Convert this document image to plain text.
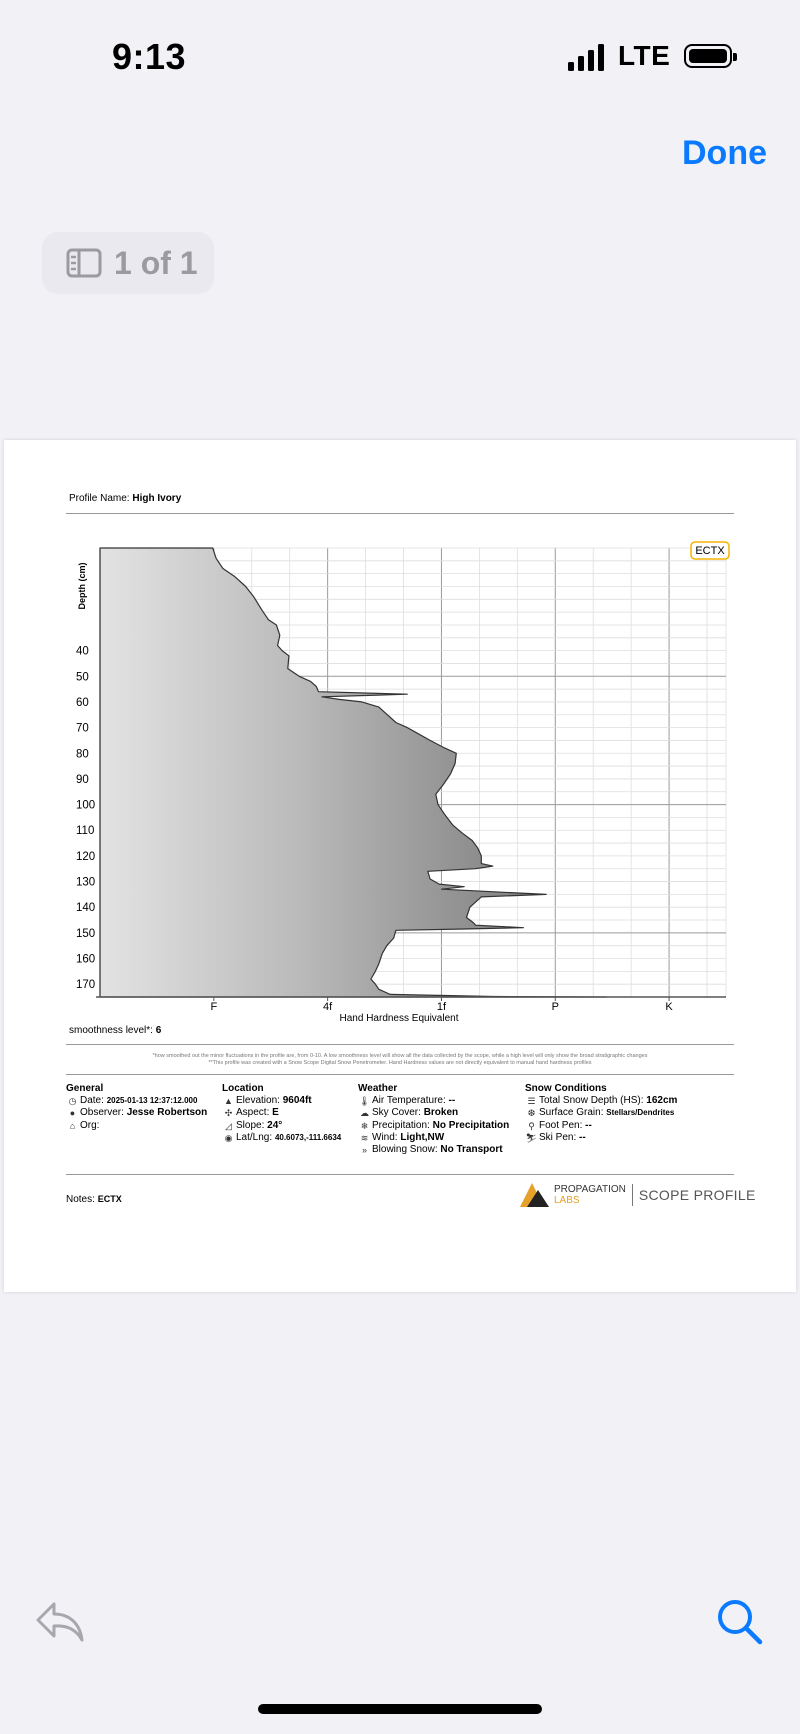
9:13	LTE
Done
1 of 1
Profile Name: High Ivory
40
50
60
70
80
90
100
110
120
130
140
150
160
170
F	4f	1f	P	K
Hand Hardness Equivalent
Depth (cm)
ECTX
smoothness level*: 6
*how smoothed out the minor fluctuations in the profile are, from 0-10. A low smoothness level will show all the data collected by the scope, while a high level will only show the broad stratigraphic changes
**This profile was created with a Snow Scope Digital Snow Penetrometer. Hand Hardness values are not directly equivalent to manual hand hardness profiles
General
◷ Date:
2025-01-13 12:37:12.000
● Observer:
Jesse Robertson
⌂ Org:

Location
▲ Elevation:
9604ft
✣ Aspect:
E
◿ Slope:
24°
◉ Lat/Lng:
40.6073,-111.6634
Weather
🌡︎ Air Temperature:
--
☁ Sky Cover:
Broken
❄ Precipitation:
No Precipitation
≋ Wind:
Light,NW
» Blowing Snow:
No Transport
Snow Conditions
☰ Total Snow Depth (HS):
162cm
❆ Surface Grain:
Stellars/Dendrites
⚲ Foot Pen:
--
⛷︎ Ski Pen:
--
Notes: ECTX
PROPAGATION
LABS	SCOPE PROFILE
